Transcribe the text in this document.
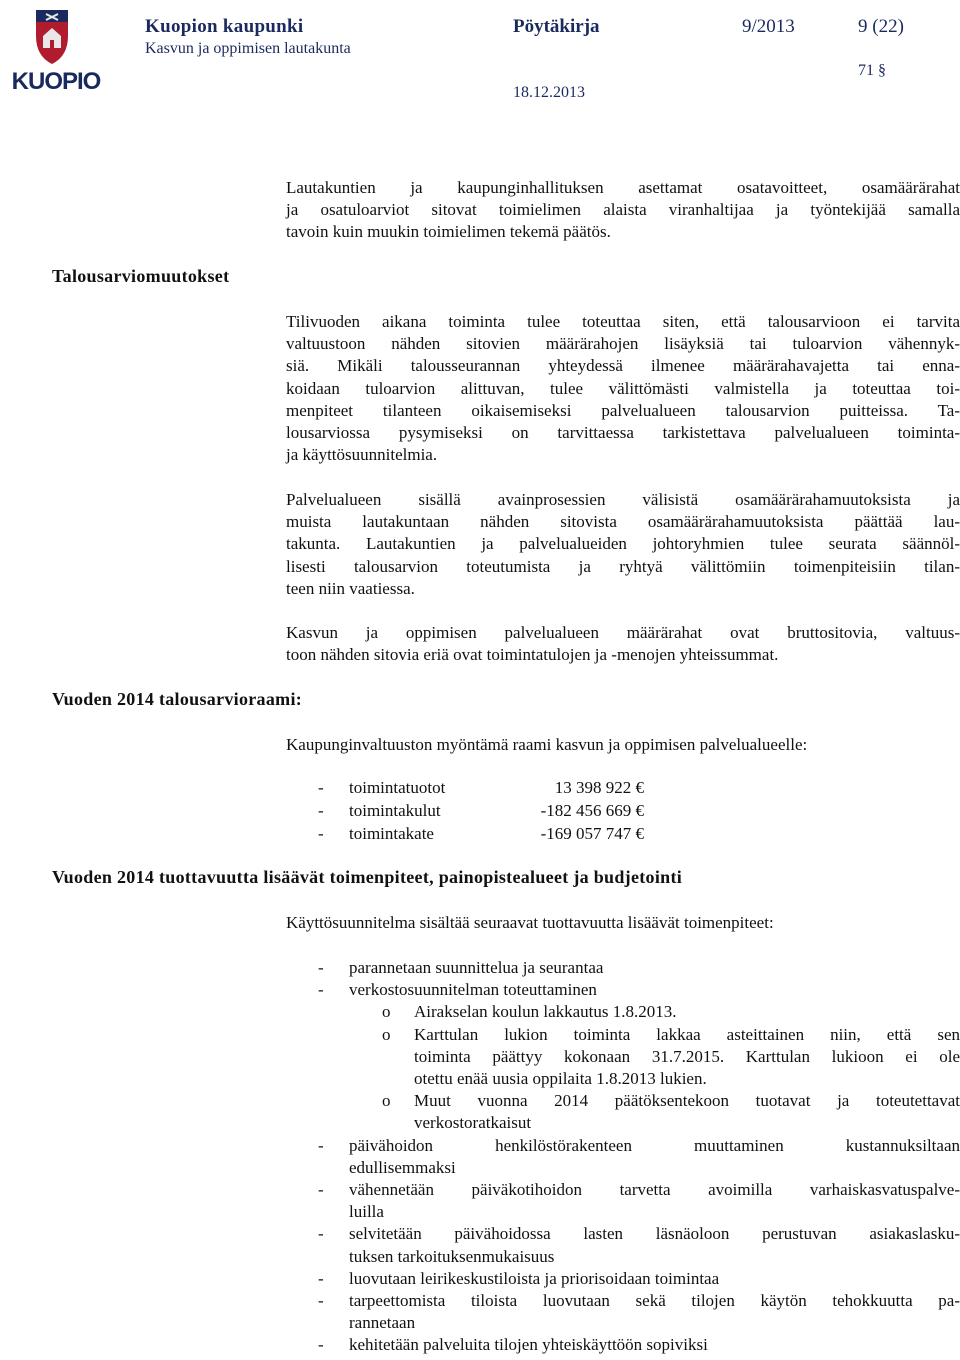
KUOPIO
Kuopion kaupunki
Kasvun ja oppimisen lautakunta
Pöytäkirja	9/2013	9 (22)
71 §
18.12.2013

Lautakuntien ja kaupunginhallituksen asettamat osatavoitteet, osamäärärahat
ja osatuloarviot sitovat toimielimen alaista viranhaltijaa ja työntekijää samalla
tavoin kuin muukin toimielimen tekemä päätös.

Talousarviomuutokset

Tilivuoden aikana toiminta tulee toteuttaa siten, että talousarvioon ei tarvita
valtuustoon nähden sitovien määrärahojen lisäyksiä tai tuloarvion vähennyk-
siä. Mikäli talousseurannan yhteydessä ilmenee määrärahavajetta tai enna-
koidaan tuloarvion alittuvan, tulee välittömästi valmistella ja toteuttaa toi-
menpiteet tilanteen oikaisemiseksi palvelualueen talousarvion puitteissa. Ta-
lousarviossa pysymiseksi on tarvittaessa tarkistettava palvelualueen toiminta-
ja käyttösuunnitelmia.

Palvelualueen sisällä avainprosessien välisistä osamäärärahamuutoksista ja
muista lautakuntaan nähden sitovista osamäärärahamuutoksista päättää lau-
takunta. Lautakuntien ja palvelualueiden johtoryhmien tulee seurata säännöl-
lisesti talousarvion toteutumista ja ryhtyä välittömiin toimenpiteisiin tilan-
teen niin vaatiessa.

Kasvun ja oppimisen palvelualueen määrärahat ovat bruttositovia, valtuus-
toon nähden sitovia eriä ovat toimintatulojen ja -menojen yhteissummat.

Vuoden 2014 talousarvioraami:

Kaupunginvaltuuston myöntämä raami kasvun ja oppimisen palvelualueelle:

- toimintatuotot	13 398 922 €
- toimintakulut	-182 456 669 €
- toimintakate	-169 057 747 €
Vuoden 2014 tuottavuutta lisäävät toimenpiteet, painopistealueet ja budjetointi

Käyttösuunnitelma sisältää seuraavat tuottavuutta lisäävät toimenpiteet:

- parannetaan suunnittelua ja seurantaa
- verkostosuunnitelman toteuttaminen
o Airakselan koulun lakkautus 1.8.2013.
o Karttulan lukion toiminta lakkaa asteittainen niin, että sen
toiminta päättyy kokonaan 31.7.2015. Karttulan lukioon ei ole
otettu enää uusia oppilaita 1.8.2013 lukien.
o Muut vuonna 2014 päätöksentekoon tuotavat ja toteutettavat
verkostoratkaisut
- päivähoidon henkilöstörakenteen muuttaminen kustannuksiltaan
edullisemmaksi
- vähennetään päiväkotihoidon tarvetta avoimilla varhaiskasvatuspalve-
luilla
- selvitetään päivähoidossa lasten läsnäoloon perustuvan asiakaslasku-
tuksen tarkoituksenmukaisuus
- luovutaan leirikeskustiloista ja priorisoidaan toimintaa
- tarpeettomista tiloista luovutaan sekä tilojen käytön tehokkuutta pa-
rannetaan
- kehitetään palveluita tilojen yhteiskäyttöön sopiviksi
